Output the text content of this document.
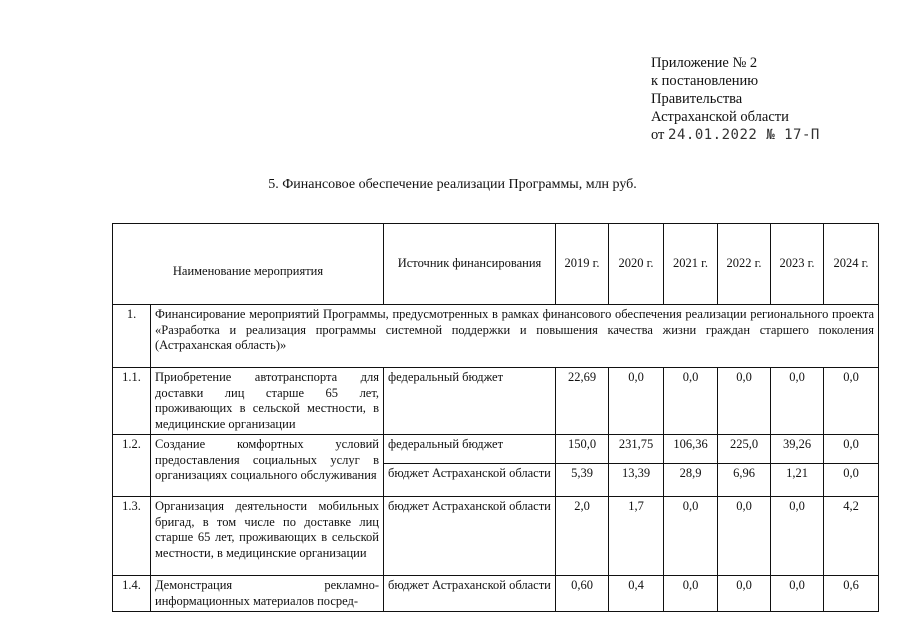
Приложение № 2
к постановлению
Правительства
Астраханской области
от 24.01.2022 № 17-П
5. Финансовое обеспечение реализации Программы, млн руб.
Наименование мероприятия		Источник финансирования	2019 г.	2020 г.	2021 г.	2022 г.	2023 г.	2024 г.
1.	Финансирование мероприятий Программы, предусмотренных в рамках финансового обеспечения реализации регионального проекта «Разработка и реализация программы системной поддержки и повышения качества жизни граждан старшего поколения (Астраханская область)»							
1.1.	Приобретение автотранспорта для доставки лиц старше 65 лет, проживающих в сельской местности, в медицинские организации	федеральный бюджет	22,69	0,0	0,0	0,0	0,0	0,0
1.2.	Создание комфортных условий предоставления социальных услуг в организациях социального обслуживания	федеральный бюджет	150,0	231,75	106,36	225,0	39,26	0,0
		бюджет Астраханской области	5,39	13,39	28,9	6,96	1,21	0,0
1.3.	Организация деятельности мобильных бригад, в том числе по доставке лиц старше 65 лет, проживающих в сельской местности, в медицинские организации	бюджет Астраханской области	2,0	1,7	0,0	0,0	0,0	4,2
1.4.	Демонстрация рекламно-информационных материалов посред-	бюджет Астраханской области	0,60	0,4	0,0	0,0	0,0	0,6
